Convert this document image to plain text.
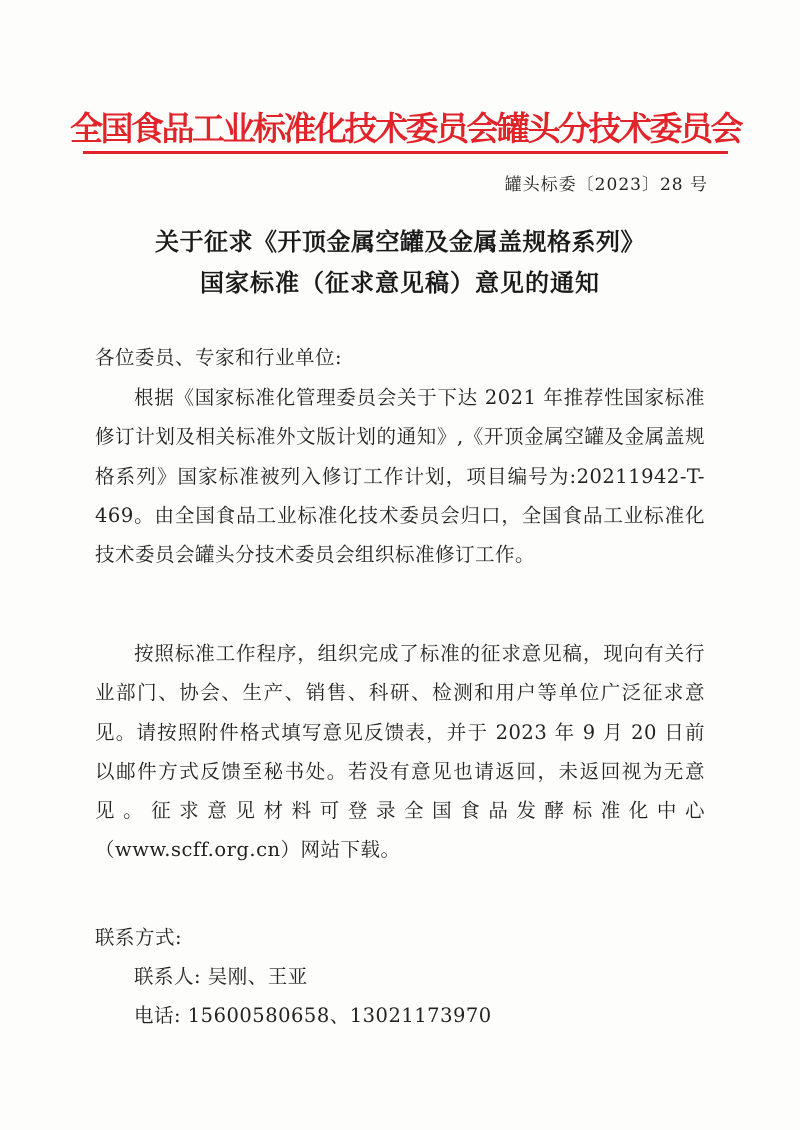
全国食品工业标准化技术委员会罐头分技术委员会
罐头标委〔2023〕28 号
关于征求《开顶金属空罐及金属盖规格系列》
国家标准（征求意见稿）意见的通知

各位委员、专家和行业单位:

根据《国家标准化管理委员会关于下达 2021 年推荐性国家标准修订计划及相关标准外文版计划的通知》,《开顶金属空罐及金属盖规格系列》国家标准被列入修订工作计划，项目编号为:20211942-T-469。由全国食品工业标准化技术委员会归口，全国食品工业标准化技术委员会罐头分技术委员会组织标准修订工作。

按照标准工作程序，组织完成了标准的征求意见稿，现向有关行业部门、协会、生产、销售、科研、检测和用户等单位广泛征求意见。请按照附件格式填写意见反馈表，并于 2023 年 9 月 20 日前以邮件方式反馈至秘书处。若没有意见也请返回，未返回视为无意见。征求意见材料可登录全国食品发酵标准化中心（www.scff.org.cn）网站下载。

联系方式:

联系人: 吴刚、王亚

电话: 15600580658、13021173970
